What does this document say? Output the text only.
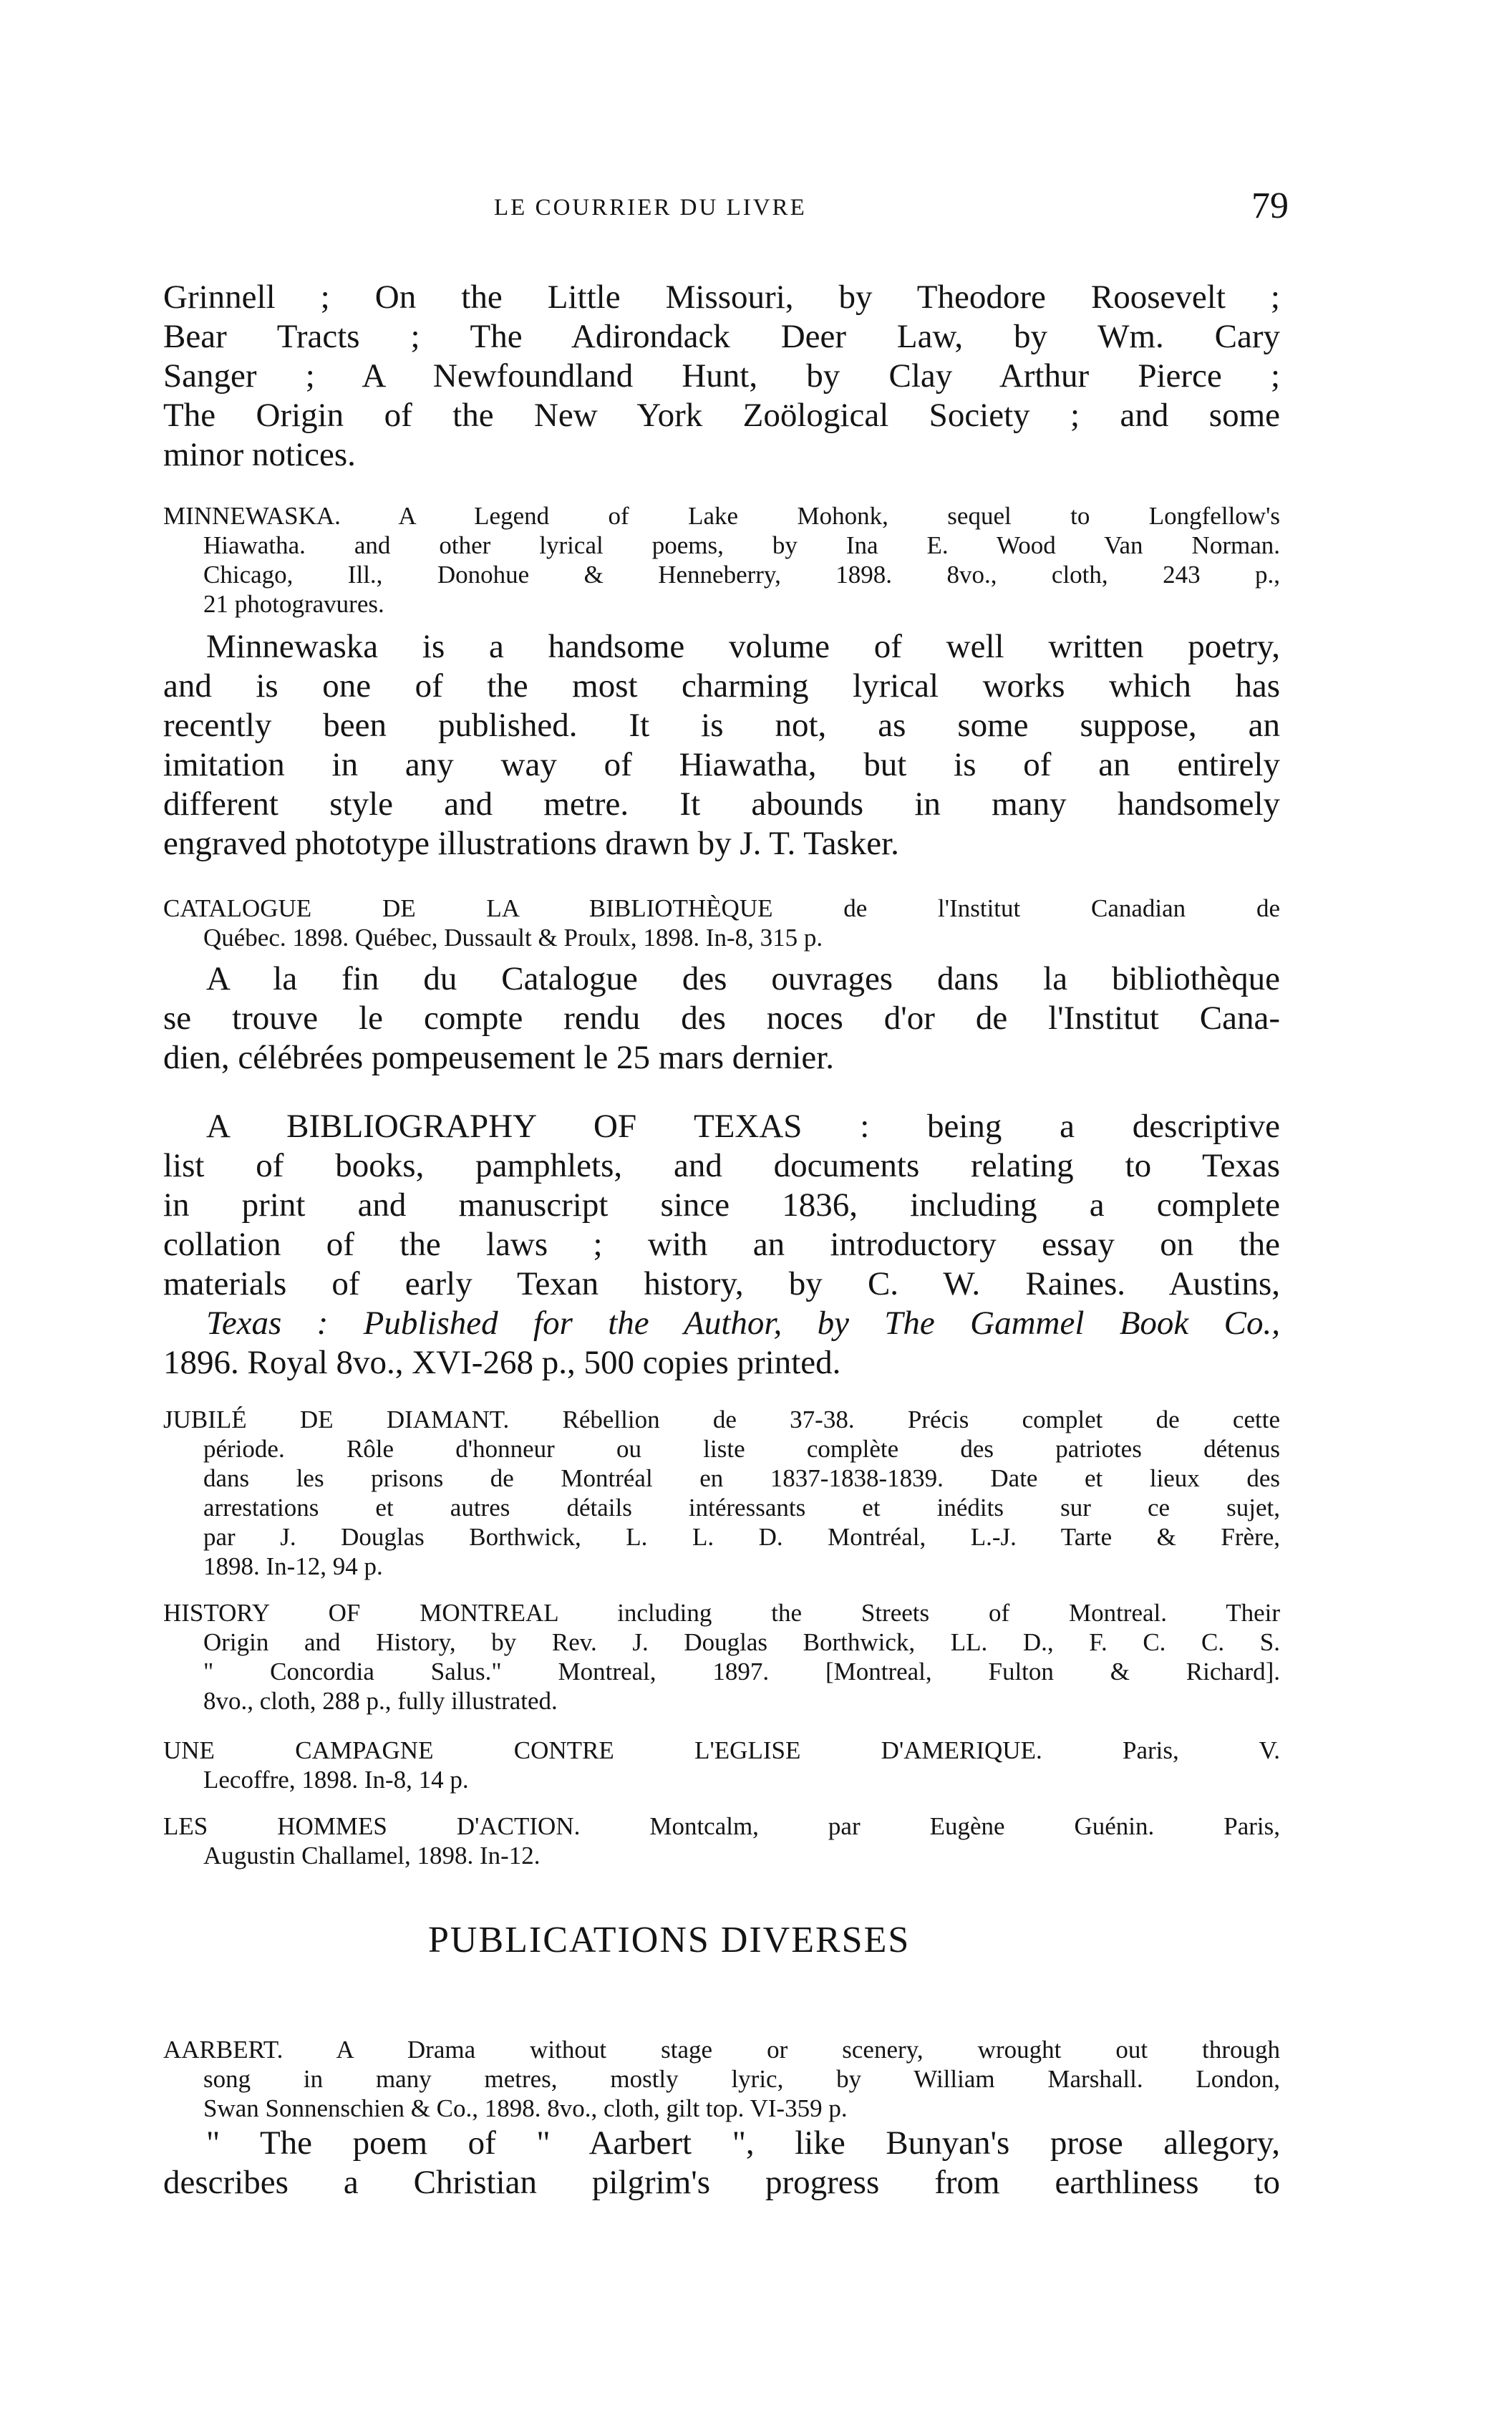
LE COURRIER DU LIVRE	79
Grinnell ; On the Little Missouri, by Theodore Roosevelt ;
Bear Tracts ; The Adirondack Deer Law, by Wm. Cary
Sanger ; A Newfoundland Hunt, by Clay Arthur Pierce ;
The Origin of the New York Zoölogical Society ; and some
minor notices.
MINNEWASKA. A Legend of Lake Mohonk, sequel to Longfellow's
Hiawatha. and other lyrical poems, by Ina E. Wood Van Norman.
Chicago, Ill., Donohue & Henneberry, 1898. 8vo., cloth, 243 p.,
21 photogravures.
Minnewaska is a handsome volume of well written poetry,
and is one of the most charming lyrical works which has
recently been published. It is not, as some suppose, an
imitation in any way of Hiawatha, but is of an entirely
different style and metre. It abounds in many handsomely
engraved phototype illustrations drawn by J. T. Tasker.
CATALOGUE DE LA BIBLIOTHÈQUE de l'Institut Canadian de
Québec. 1898. Québec, Dussault & Proulx, 1898. In-8, 315 p.
A la fin du Catalogue des ouvrages dans la bibliothèque
se trouve le compte rendu des noces d'or de l'Institut Cana-
dien, célébrées pompeusement le 25 mars dernier.
A BIBLIOGRAPHY OF TEXAS : being a descriptive
list of books, pamphlets, and documents relating to Texas
in print and manuscript since 1836, including a complete
collation of the laws ; with an introductory essay on the
materials of early Texan history, by C. W. Raines. Austins,
Texas : Published for the Author, by The Gammel Book Co.,
1896. Royal 8vo., XVI-268 p., 500 copies printed.
JUBILÉ DE DIAMANT. Rébellion de 37-38. Précis complet de cette
période. Rôle d'honneur ou liste complète des patriotes détenus
dans les prisons de Montréal en 1837-1838-1839. Date et lieux des
arrestations et autres détails intéressants et inédits sur ce sujet,
par J. Douglas Borthwick, L. L. D. Montréal, L.-J. Tarte & Frère,
1898. In-12, 94 p.
HISTORY OF MONTREAL including the Streets of Montreal. Their
Origin and History, by Rev. J. Douglas Borthwick, LL. D., F. C. C. S.
" Concordia Salus." Montreal, 1897. [Montreal, Fulton & Richard].
8vo., cloth, 288 p., fully illustrated.
UNE CAMPAGNE CONTRE L'EGLISE D'AMERIQUE. Paris, V.
Lecoffre, 1898. In-8, 14 p.
LES HOMMES D'ACTION. Montcalm, par Eugène Guénin. Paris,
Augustin Challamel, 1898. In-12.
PUBLICATIONS DIVERSES
AARBERT. A Drama without stage or scenery, wrought out through
song in many metres, mostly lyric, by William Marshall. London,
Swan Sonnenschien & Co., 1898. 8vo., cloth, gilt top. VI-359 p.
" The poem of " Aarbert ", like Bunyan's prose allegory,
describes a Christian pilgrim's progress from earthliness to
